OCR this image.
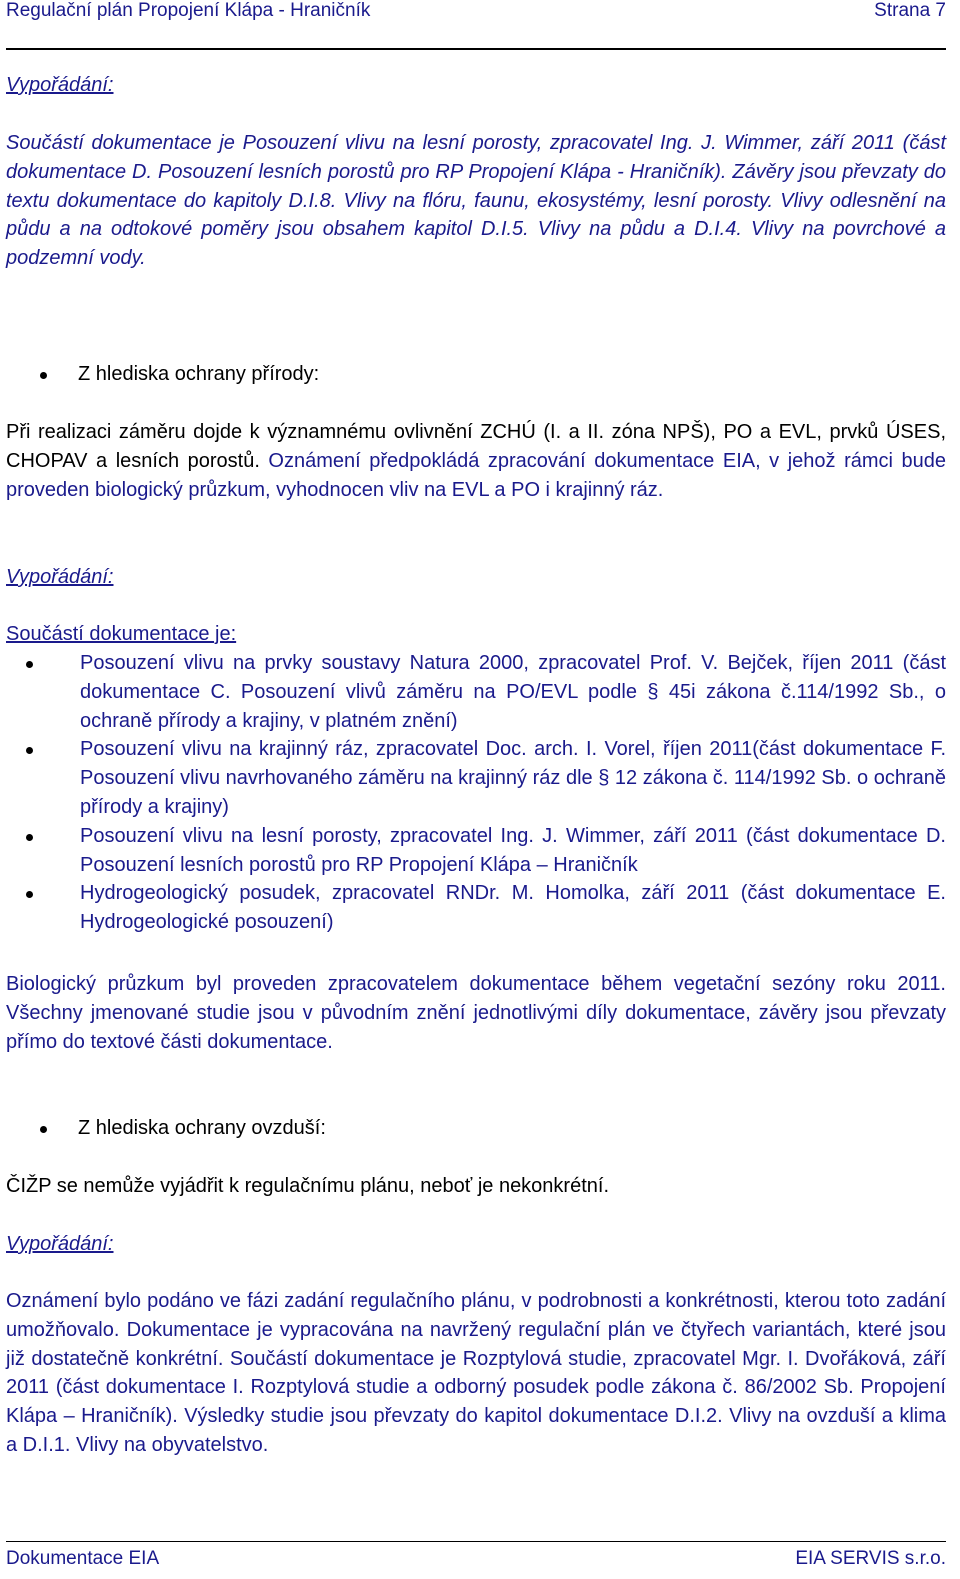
Regulační plán Propojení Klápa - Hraničník	Strana 7
Vypořádání:
Součástí dokumentace je Posouzení vlivu na lesní porosty, zpracovatel Ing. J. Wimmer, září 2011 (část dokumentace D. Posouzení lesních porostů pro RP Propojení Klápa - Hraničník). Závěry jsou převzaty do textu dokumentace do kapitoly D.I.8. Vlivy na flóru, faunu, ekosystémy, lesní porosty. Vlivy odlesnění na půdu a na odtokové poměry jsou obsahem kapitol D.I.5. Vlivy na půdu a D.I.4. Vlivy na povrchové a podzemní vody.
Z hlediska ochrany přírody:
Při realizaci záměru dojde k významnému ovlivnění ZCHÚ (I. a II. zóna NPŠ), PO a EVL, prvků ÚSES, CHOPAV a lesních porostů. Oznámení předpokládá zpracování dokumentace EIA, v jehož rámci bude proveden biologický průzkum, vyhodnocen vliv na EVL a PO i krajinný ráz.
Vypořádání:
Součástí dokumentace je:
Posouzení vlivu na prvky soustavy Natura 2000, zpracovatel Prof. V. Bejček, říjen 2011 (část dokumentace C. Posouzení vlivů záměru na PO/EVL podle § 45i zákona č.114/1992 Sb., o ochraně přírody a krajiny, v platném znění)
Posouzení vlivu na krajinný ráz, zpracovatel Doc. arch. I. Vorel, říjen 2011(část dokumentace F. Posouzení vlivu navrhovaného záměru na krajinný ráz dle § 12 zákona č. 114/1992 Sb. o ochraně přírody a krajiny)
Posouzení vlivu na lesní porosty, zpracovatel Ing. J. Wimmer, září 2011 (část dokumentace D. Posouzení lesních porostů pro RP Propojení Klápa – Hraničník
Hydrogeologický posudek, zpracovatel RNDr. M. Homolka, září 2011 (část dokumentace E. Hydrogeologické posouzení)
Biologický průzkum byl proveden zpracovatelem dokumentace během vegetační sezóny roku 2011. Všechny jmenované studie jsou v původním znění jednotlivými díly dokumentace, závěry jsou převzaty přímo do textové části dokumentace.
Z hlediska ochrany ovzduší:
ČIŽP se nemůže vyjádřit k regulačnímu plánu, neboť je nekonkrétní.
Vypořádání:
Oznámení bylo podáno ve fázi zadání regulačního plánu, v podrobnosti a konkrétnosti, kterou toto zadání umožňovalo. Dokumentace je vypracována na navržený regulační plán ve čtyřech variantách, které jsou již dostatečně konkrétní. Součástí dokumentace je Rozptylová studie, zpracovatel Mgr. I. Dvořáková, září 2011 (část dokumentace I. Rozptylová studie a odborný posudek podle zákona č. 86/2002 Sb. Propojení Klápa – Hraničník). Výsledky studie jsou převzaty do kapitol dokumentace D.I.2. Vlivy na ovzduší a klima a D.I.1. Vlivy na obyvatelstvo.
Dokumentace EIA	EIA SERVIS s.r.o.
